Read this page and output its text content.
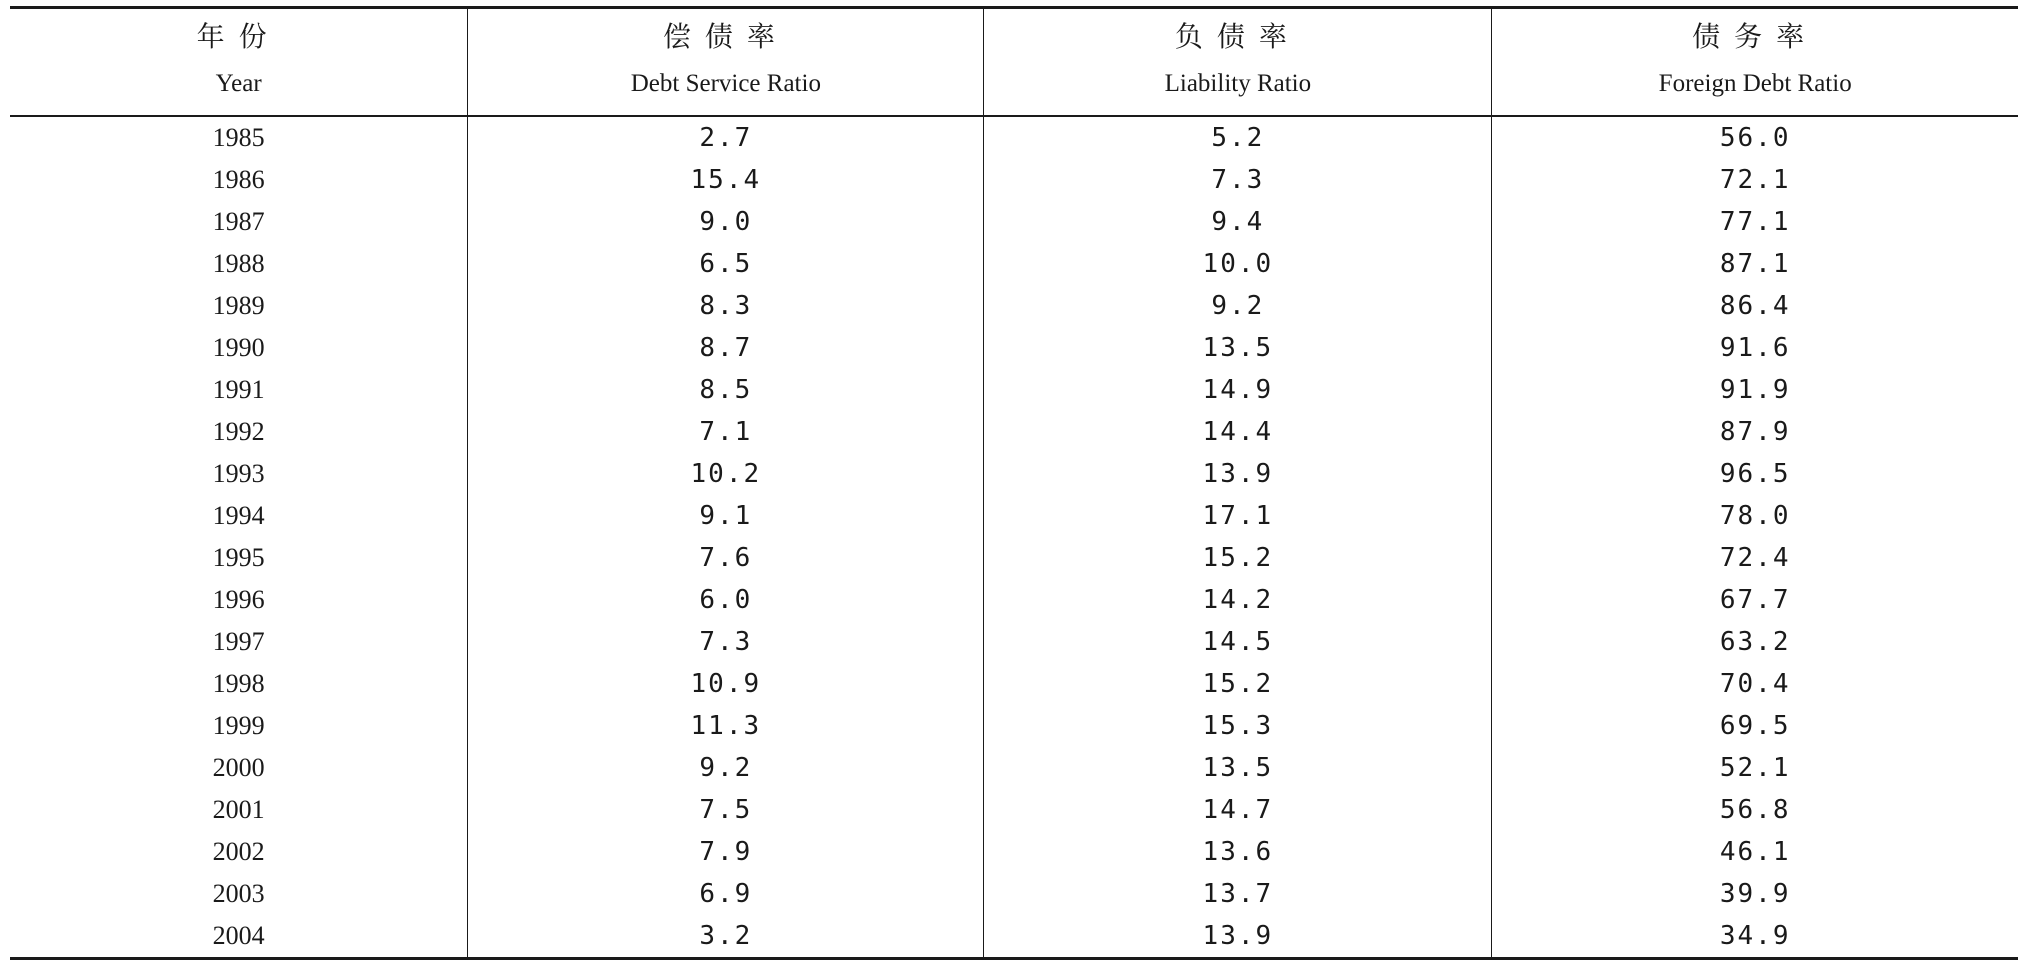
年份	偿债率	负债率	债务率
Year	Debt Service Ratio	Liability Ratio	Foreign Debt Ratio
1985	2.7	5.2	56.0
1986	15.4	7.3	72.1
1987	9.0	9.4	77.1
1988	6.5	10.0	87.1
1989	8.3	9.2	86.4
1990	8.7	13.5	91.6
1991	8.5	14.9	91.9
1992	7.1	14.4	87.9
1993	10.2	13.9	96.5
1994	9.1	17.1	78.0
1995	7.6	15.2	72.4
1996	6.0	14.2	67.7
1997	7.3	14.5	63.2
1998	10.9	15.2	70.4
1999	11.3	15.3	69.5
2000	9.2	13.5	52.1
2001	7.5	14.7	56.8
2002	7.9	13.6	46.1
2003	6.9	13.7	39.9
2004	3.2	13.9	34.9
